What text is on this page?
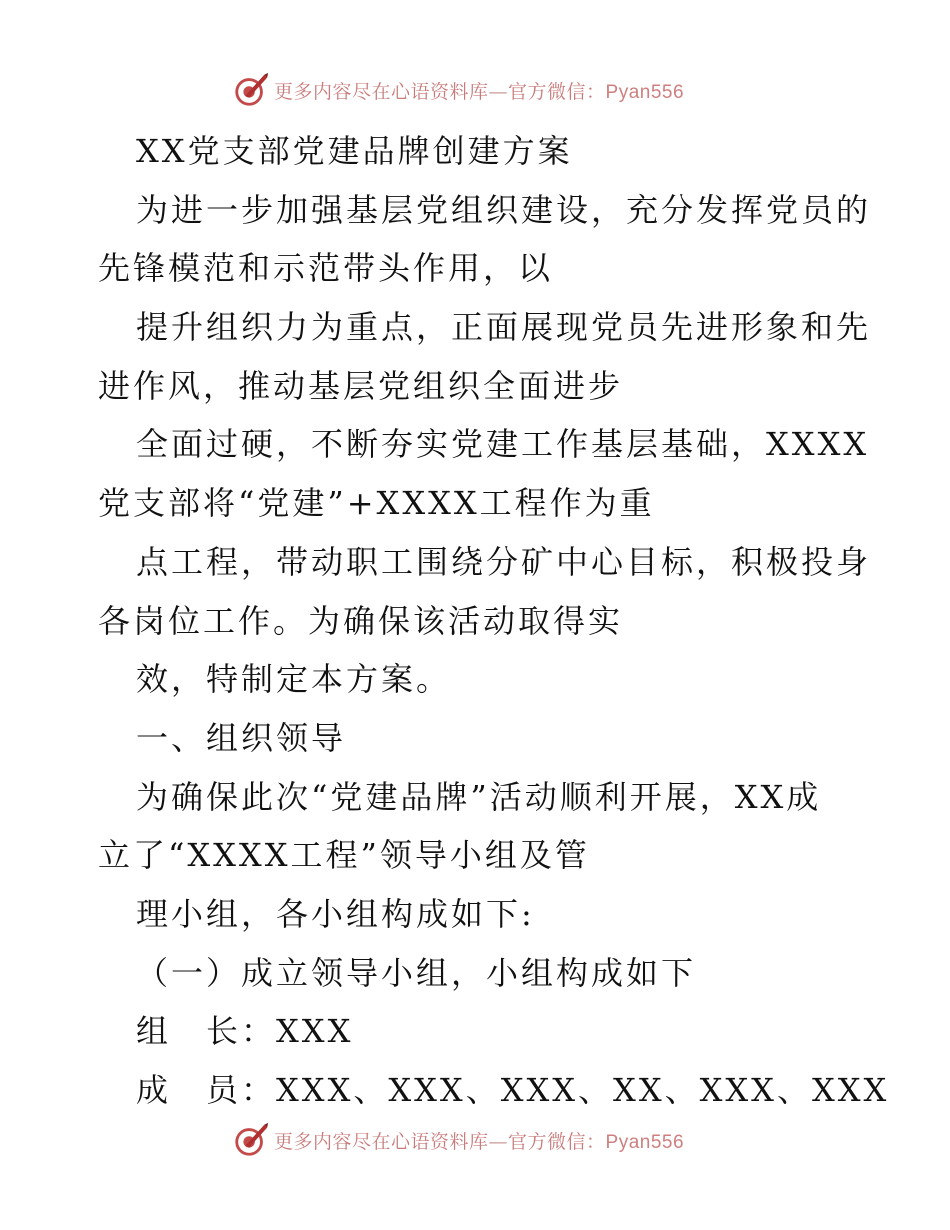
更多内容尽在心语资料库—官方微信：Pyan556
XX党支部党建品牌创建方案
为进一步加强基层党组织建设，充分发挥党员的
先锋模范和示范带头作用，以
提升组织力为重点，正面展现党员先进形象和先
进作风，推动基层党组织全面进步
全面过硬，不断夯实党建工作基层基础，XXXX
党支部将“党建”+XXXX工程作为重
点工程，带动职工围绕分矿中心目标，积极投身
各岗位工作。为确保该活动取得实
效，特制定本方案。
一、组织领导
为确保此次“党建品牌”活动顺利开展，XX成
立了“XXXX工程”领导小组及管
理小组，各小组构成如下:
（一）成立领导小组，小组构成如下
组　长：XXX
成　员：XXX、XXX、XXX、XX、XXX、XXX
更多内容尽在心语资料库—官方微信：Pyan556
